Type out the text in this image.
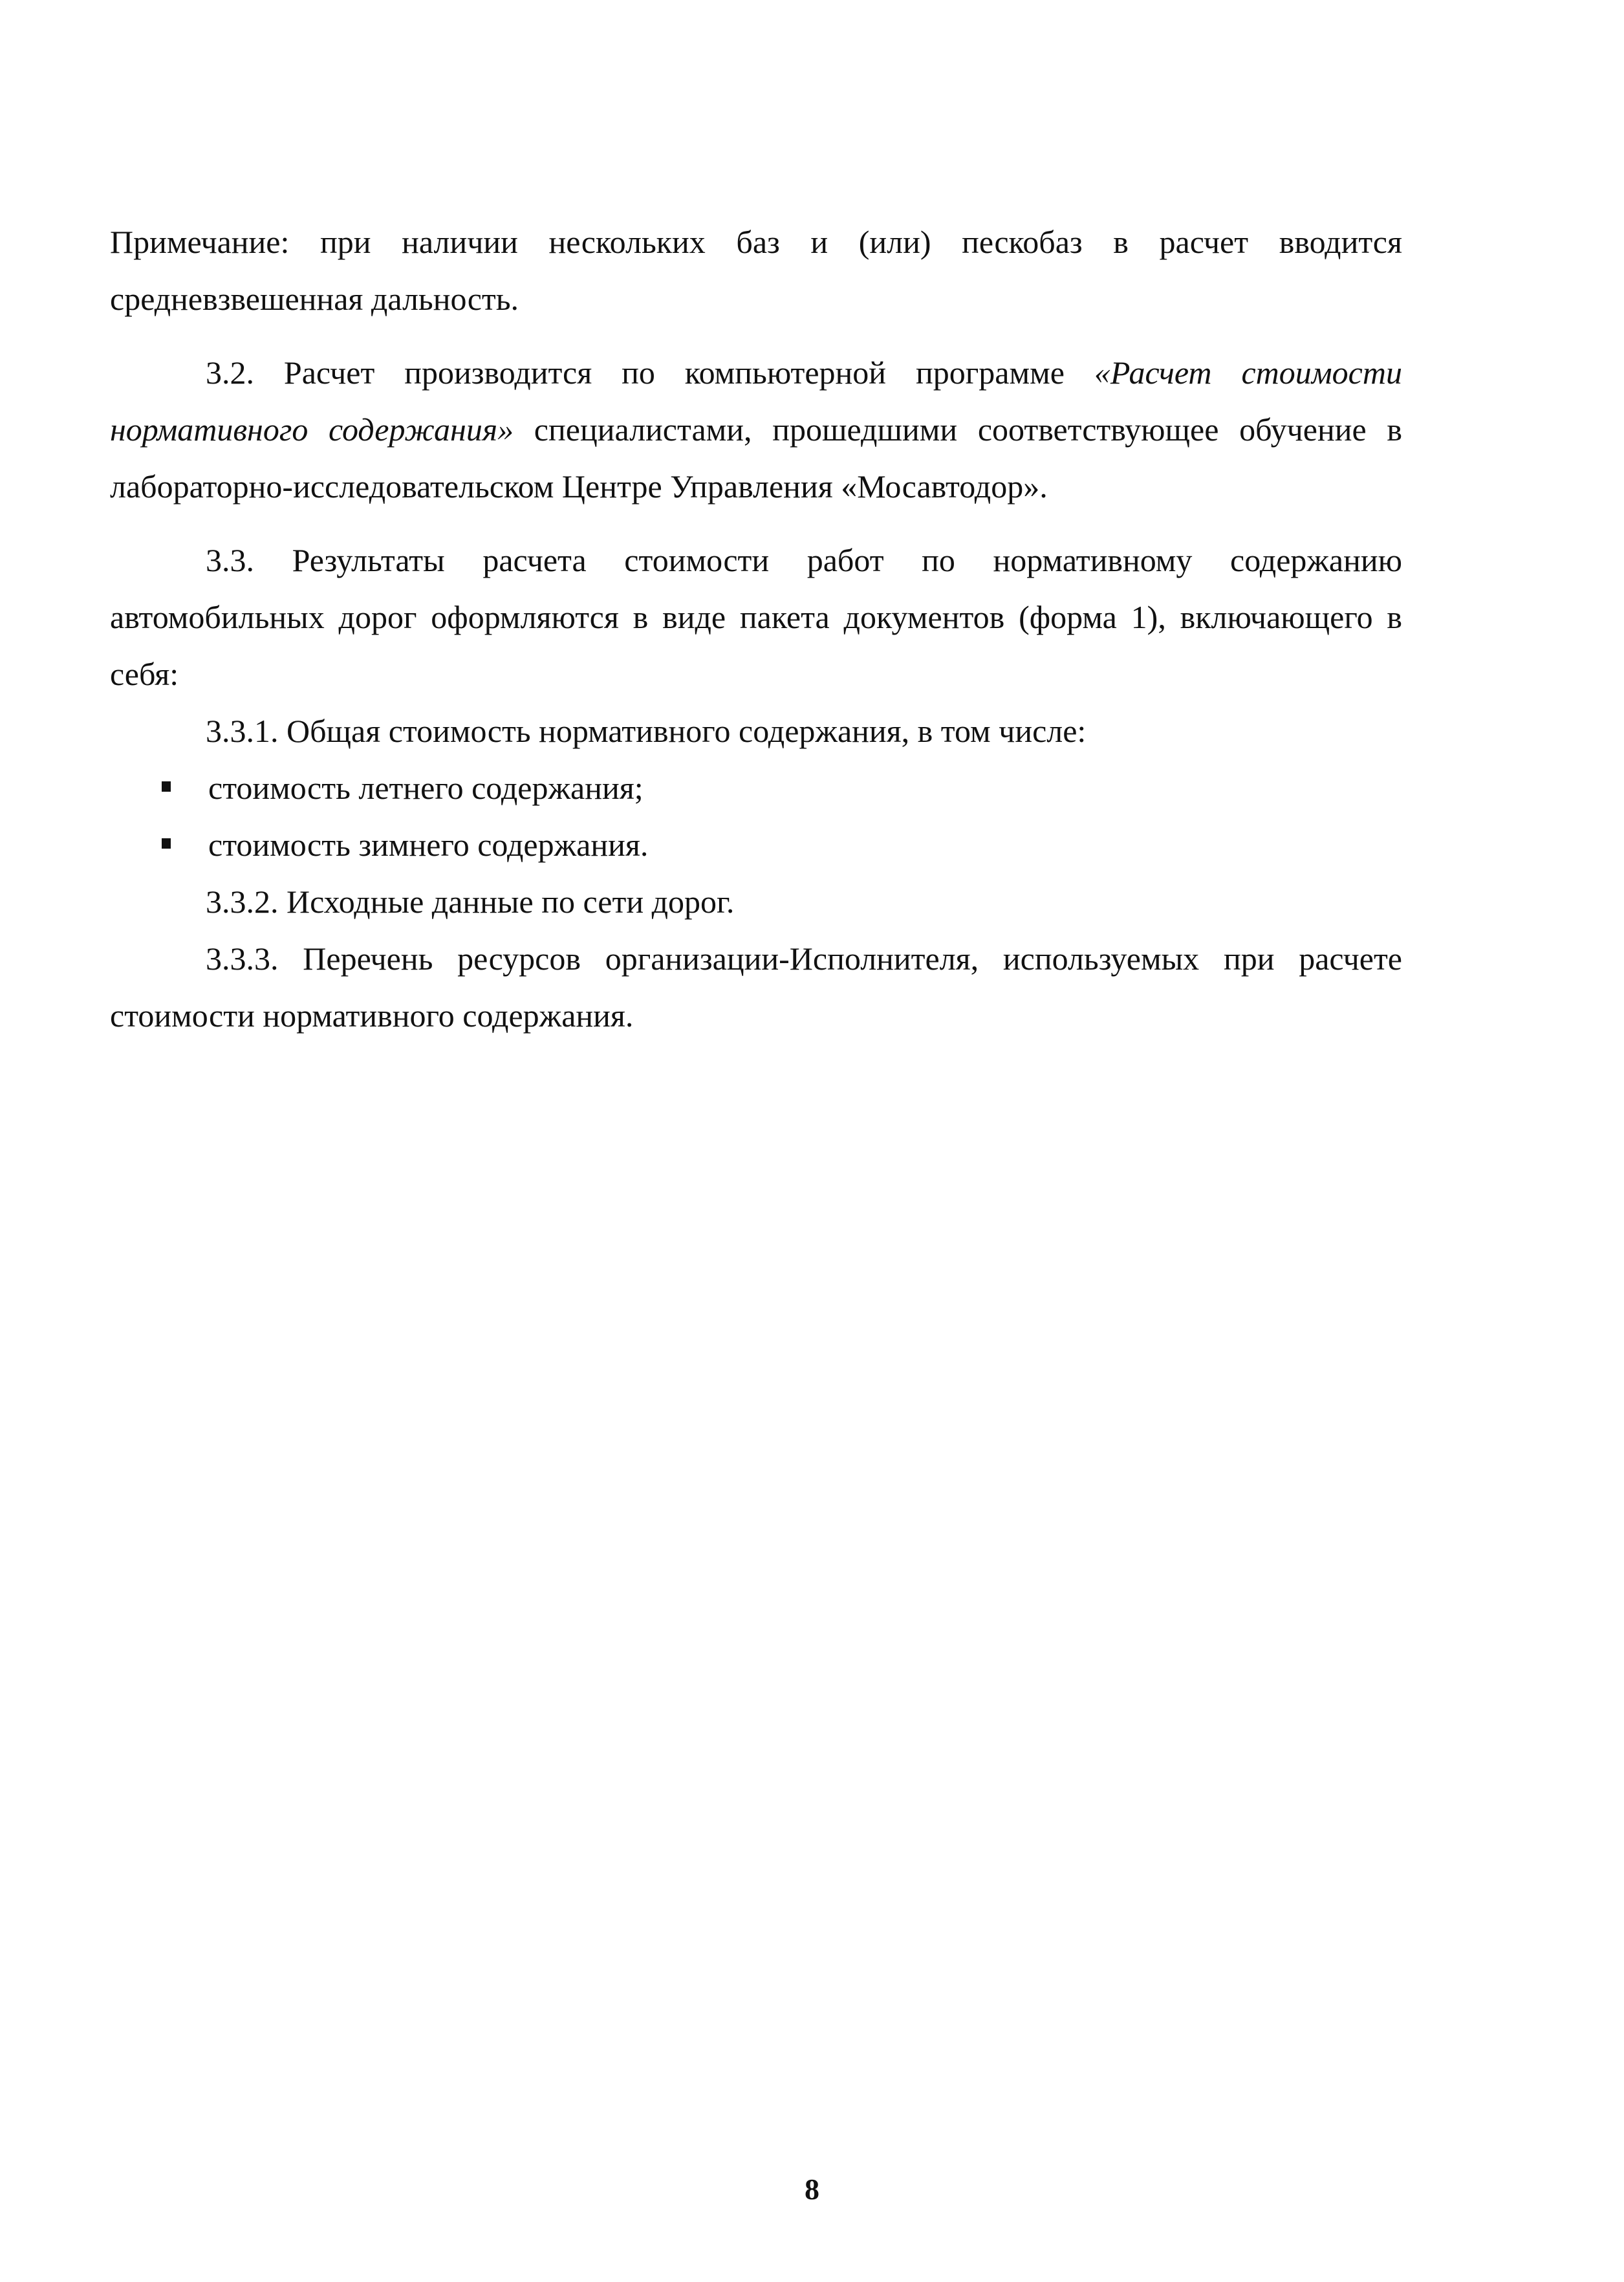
Примечание: при наличии нескольких баз и (или) пескобаз в расчет вводится средневзвешенная дальность.

3.2. Расчет производится по компьютерной программе «Расчет стоимости нормативного содержания» специалистами, прошедшими соответствующее обучение в лабораторно-исследовательском Центре Управления «Мосавтодор».

3.3. Результаты расчета стоимости работ по нормативному содержанию автомобильных дорог оформляются в виде пакета документов (форма 1), включающего в себя:

3.3.1. Общая стоимость нормативного содержания, в том числе:

стоимость летнего содержания;
стоимость зимнего содержания.

3.3.2. Исходные данные по сети дорог.

3.3.3. Перечень ресурсов организации-Исполнителя, используемых при расчете стоимости нормативного содержания.

8
